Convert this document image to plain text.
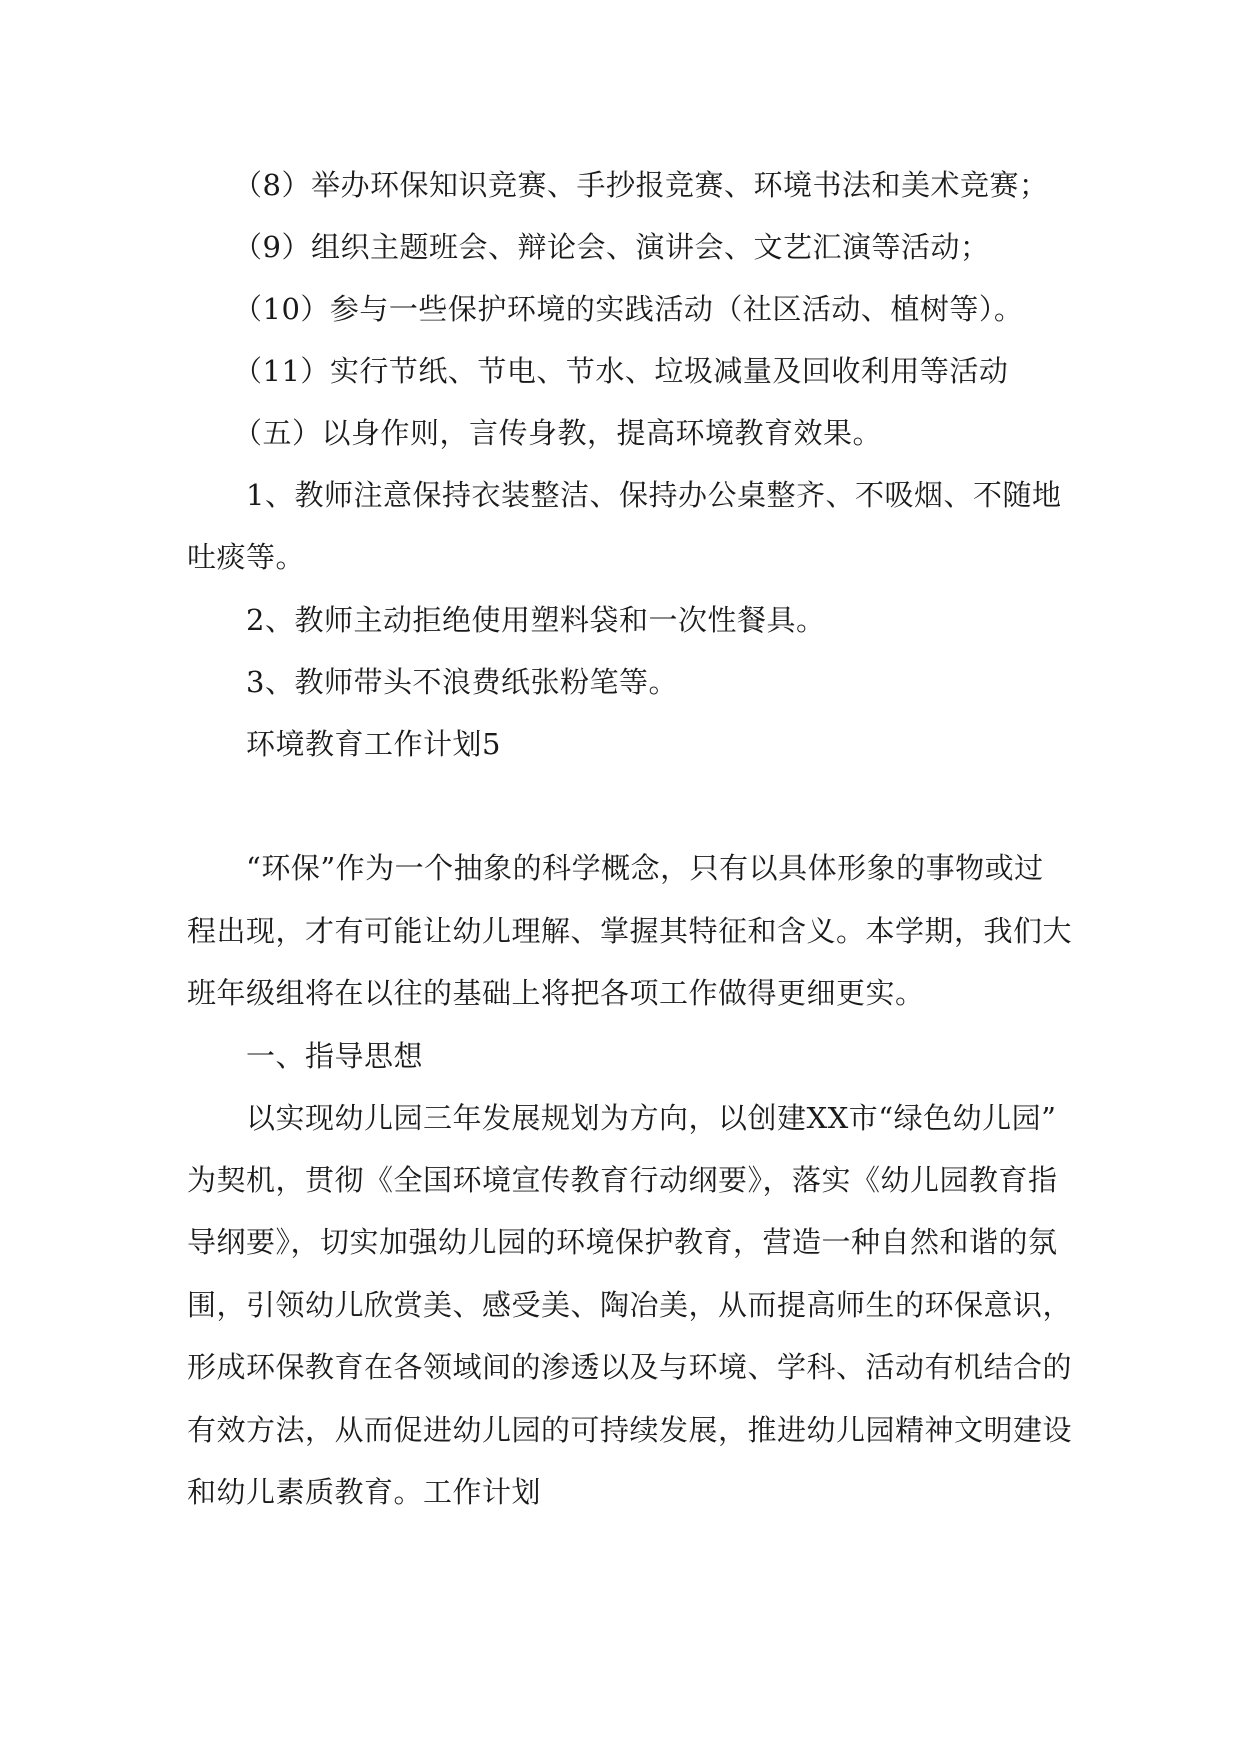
（8）举办环保知识竞赛、手抄报竞赛、环境书法和美术竞赛；
（9）组织主题班会、辩论会、演讲会、文艺汇演等活动；
（10）参与一些保护环境的实践活动（社区活动、植树等）。
（11）实行节纸、节电、节水、垃圾减量及回收利用等活动
（五）以身作则，言传身教，提高环境教育效果。
1、教师注意保持衣装整洁、保持办公桌整齐、不吸烟、不随地
吐痰等。
2、教师主动拒绝使用塑料袋和一次性餐具。
3、教师带头不浪费纸张粉笔等。
环境教育工作计划5
“环保”作为一个抽象的科学概念，只有以具体形象的事物或过
程出现，才有可能让幼儿理解、掌握其特征和含义。本学期，我们大
班年级组将在以往的基础上将把各项工作做得更细更实。
一、指导思想
以实现幼儿园三年发展规划为方向，以创建XX市“绿色幼儿园”
为契机，贯彻《全国环境宣传教育行动纲要》，落实《幼儿园教育指
导纲要》，切实加强幼儿园的环境保护教育，营造一种自然和谐的氛
围，引领幼儿欣赏美、感受美、陶冶美，从而提高师生的环保意识，
形成环保教育在各领域间的渗透以及与环境、学科、活动有机结合的
有效方法，从而促进幼儿园的可持续发展，推进幼儿园精神文明建设
和幼儿素质教育。工作计划
